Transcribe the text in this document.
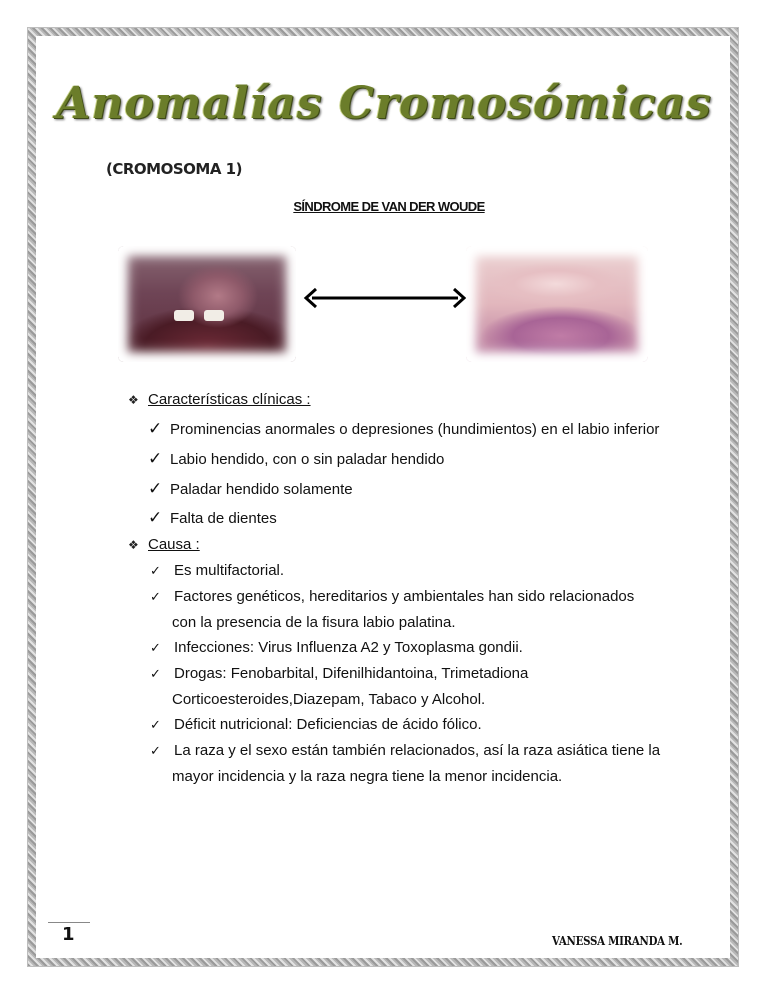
Anomalías Cromosómicas
(CROMOSOMA 1)
SÍNDROME DE VAN DER WOUDE
❖ Características clínicas :
✓ Prominencias anormales o depresiones (hundimientos) en el labio inferior
✓ Labio hendido, con o sin paladar hendido
✓ Paladar hendido solamente
✓ Falta de dientes
❖ Causa :
✓ Es multifactorial.
✓ Factores genéticos, hereditarios y ambientales han sido relacionados
con la presencia de la fisura labio palatina.
✓ Infecciones: Virus Influenza A2 y Toxoplasma gondii.
✓ Drogas: Fenobarbital, Difenilhidantoina, Trimetadiona
Corticoesteroides,Diazepam, Tabaco y Alcohol.
✓ Déficit nutricional: Deficiencias de ácido fólico.
✓ La raza y el sexo están también relacionados, así la raza asiática tiene la
mayor incidencia y la raza negra tiene la menor incidencia.
1	VANESSA MIRANDA M.
